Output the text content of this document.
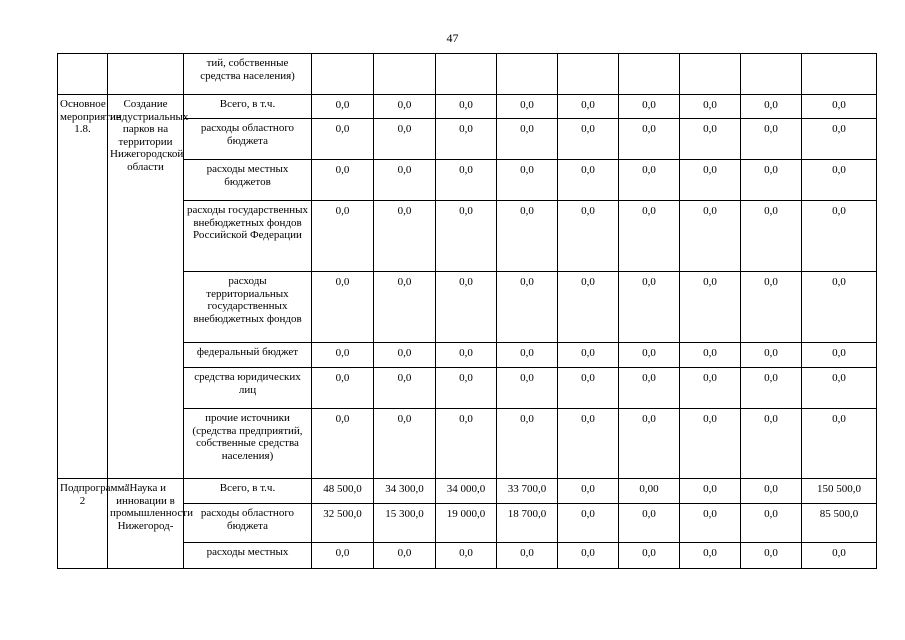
47
		тий, собственные средства населения)									
Основное мероприятие 1.8.	Создание индустриальных парков на территории Нижегородской области	Всего, в т.ч.	0,0	0,0	0,0	0,0	0,0	0,0	0,0	0,0	0,0
		расходы областного бюджета	0,0	0,0	0,0	0,0	0,0	0,0	0,0	0,0	0,0
		расходы местных бюджетов	0,0	0,0	0,0	0,0	0,0	0,0	0,0	0,0	0,0
		расходы государственных внебюджетных фондов Российской Федерации	0,0	0,0	0,0	0,0	0,0	0,0	0,0	0,0	0,0
		расходы территориальных государственных внебюджетных фондов	0,0	0,0	0,0	0,0	0,0	0,0	0,0	0,0	0,0
		федеральный бюджет	0,0	0,0	0,0	0,0	0,0	0,0	0,0	0,0	0,0
		средства юридических лиц	0,0	0,0	0,0	0,0	0,0	0,0	0,0	0,0	0,0
		прочие источники (средства предприятий, собственные средства населения)	0,0	0,0	0,0	0,0	0,0	0,0	0,0	0,0	0,0
Подпрограмма 2	"Наука и инновации в промышленности Нижегород-	Всего, в т.ч.	48 500,0	34 300,0	34 000,0	33 700,0	0,0	0,00	0,0	0,0	150 500,0
		расходы областного бюджета	32 500,0	15 300,0	19 000,0	18 700,0	0,0	0,0	0,0	0,0	85 500,0
		расходы местных	0,0	0,0	0,0	0,0	0,0	0,0	0,0	0,0	0,0
